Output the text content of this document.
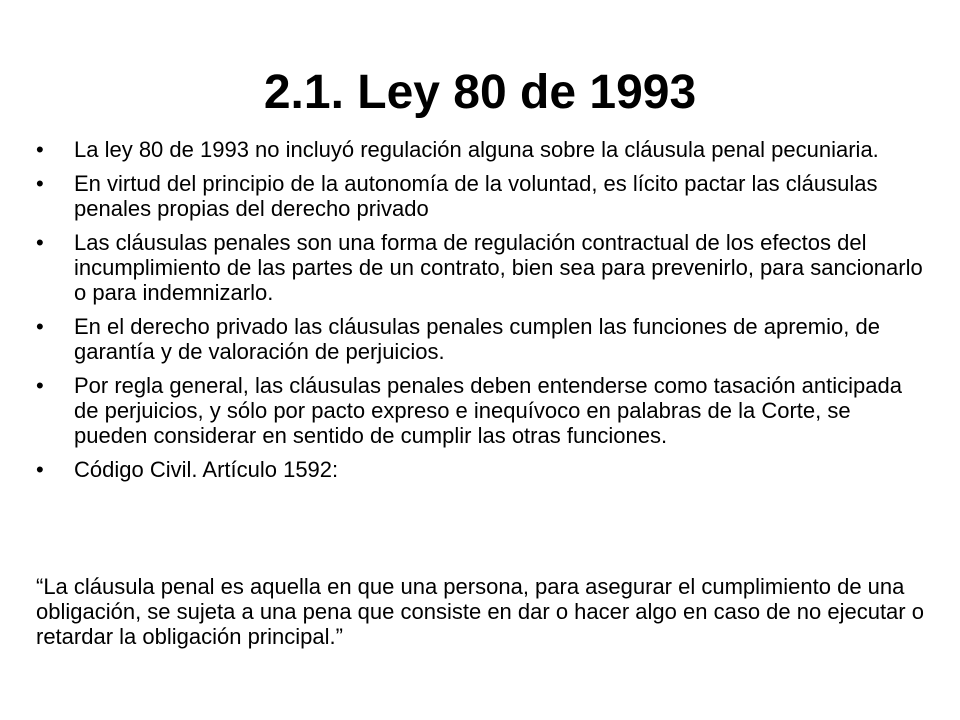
2.1. Ley 80 de 1993
•	La ley 80 de 1993 no incluyó regulación alguna sobre la cláusula penal pecuniaria.
•	En virtud del principio de la autonomía de la voluntad, es lícito pactar las cláusulas penales propias del derecho privado
•	Las cláusulas penales son una forma de regulación contractual de los efectos del incumplimiento de las partes de un contrato, bien sea para prevenirlo, para sancionarlo o para indemnizarlo.
•	En el derecho privado las cláusulas penales cumplen las funciones de apremio, de garantía y de valoración de perjuicios.
•	Por regla general, las cláusulas penales deben entenderse como tasación anticipada de perjuicios, y sólo por pacto expreso e inequívoco en palabras de la Corte, se pueden considerar en sentido de cumplir las otras funciones.
•	Código Civil. Artículo 1592:

“La cláusula penal es aquella en que una persona, para asegurar el cumplimiento de una obligación, se sujeta a una pena que consiste en dar o hacer algo en caso de no ejecutar o retardar la obligación principal.”
